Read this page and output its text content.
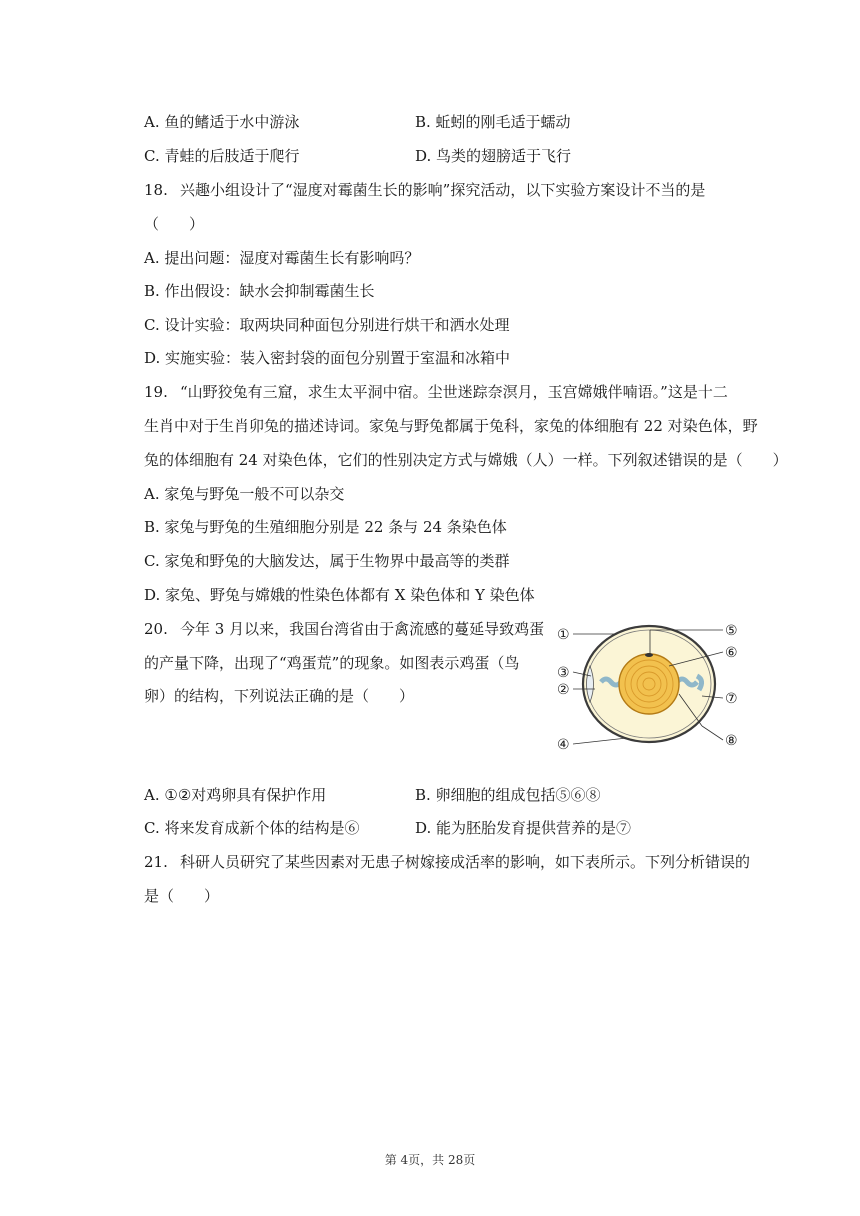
A. 鱼的鳍适于水中游泳	B. 蚯蚓的刚毛适于蠕动
C. 青蛙的后肢适于爬行	D. 鸟类的翅膀适于飞行
18. 兴趣小组设计了“湿度对霉菌生长的影响”探究活动，以下实验方案设计不当的是
（　　）
A. 提出问题：湿度对霉菌生长有影响吗？
B. 作出假设：缺水会抑制霉菌生长
C. 设计实验：取两块同种面包分别进行烘干和洒水处理
D. 实施实验：装入密封袋的面包分别置于室温和冰箱中
19. “山野狡兔有三窟，求生太平洞中宿。尘世迷踪奈溟月，玉宫嫦娥伴喃语。”这是十二
生肖中对于生肖卯兔的描述诗词。家兔与野兔都属于兔科，家兔的体细胞有 22 对染色体，野
兔的体细胞有 24 对染色体，它们的性别决定方式与嫦娥（人）一样。下列叙述错误的是（　　）
A. 家兔与野兔一般不可以杂交
B. 家兔与野兔的生殖细胞分别是 22 条与 24 条染色体
C. 家兔和野兔的大脑发达，属于生物界中最高等的类群
D. 家兔、野兔与嫦娥的性染色体都有 X 染色体和 Y 染色体
20. 今年 3 月以来，我国台湾省由于禽流感的蔓延导致鸡蛋
的产量下降，出现了“鸡蛋荒”的现象。如图表示鸡蛋（鸟
卵）的结构，下列说法正确的是（　　）
①	⑤
⑥
③
②
⑦
④	⑧
A. ①②对鸡卵具有保护作用	B. 卵细胞的组成包括⑤⑥⑧
C. 将来发育成新个体的结构是⑥	D. 能为胚胎发育提供营养的是⑦
21. 科研人员研究了某些因素对无患子树嫁接成活率的影响，如下表所示。下列分析错误的
是（　　）
第 4页，共 28页
